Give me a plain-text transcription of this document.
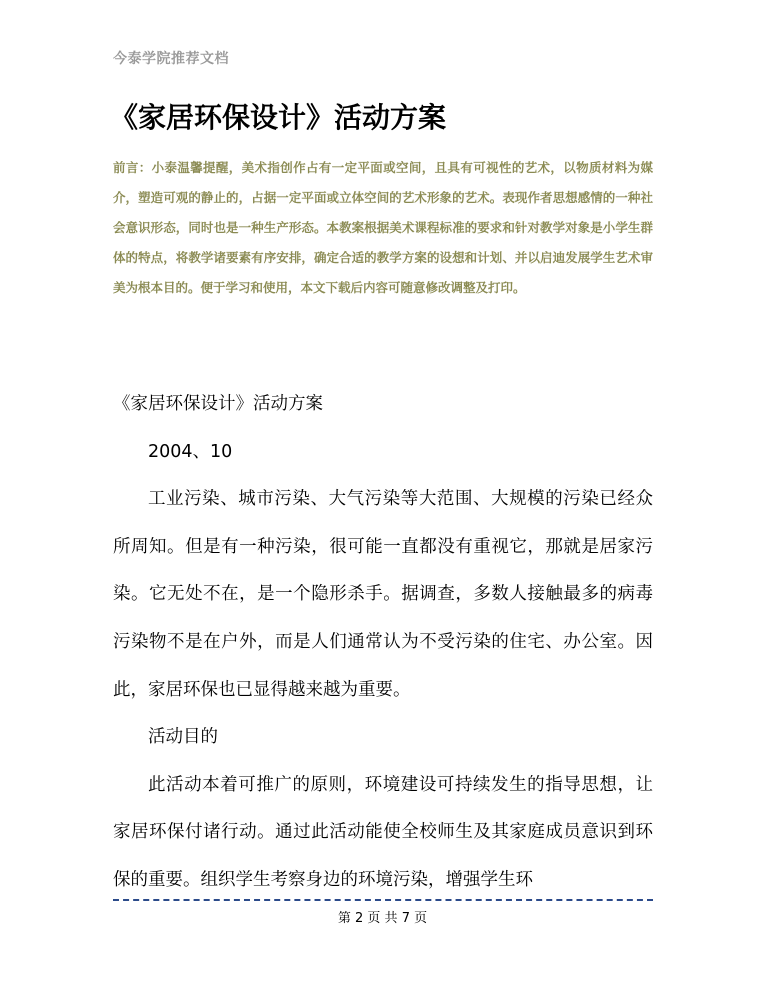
今泰学院推荐文档
《家居环保设计》活动方案
前言：小泰温馨提醒，美术指创作占有一定平面或空间，且具有可视性的艺术，以物质材料为媒介，塑造可观的静止的，占据一定平面或立体空间的艺术形象的艺术。表现作者思想感情的一种社会意识形态，同时也是一种生产形态。本教案根据美术课程标准的要求和针对教学对象是小学生群体的特点，将教学诸要素有序安排，确定合适的教学方案的设想和计划、并以启迪发展学生艺术审美为根本目的。便于学习和使用，本文下载后内容可随意修改调整及打印。

《家居环保设计》活动方案

2004、10

工业污染、城市污染、大气污染等大范围、大规模的污染已经众所周知。但是有一种污染，很可能一直都没有重视它，那就是居家污染。它无处不在，是一个隐形杀手。据调查，多数人接触最多的病毒污染物不是在户外，而是人们通常认为不受污染的住宅、办公室。因此，家居环保也已显得越来越为重要。

活动目的

此活动本着可推广的原则，环境建设可持续发生的指导思想，让家居环保付诸行动。通过此活动能使全校师生及其家庭成员意识到环保的重要。组织学生考察身边的环境污染，增强学生环

第 2 页 共 7 页
